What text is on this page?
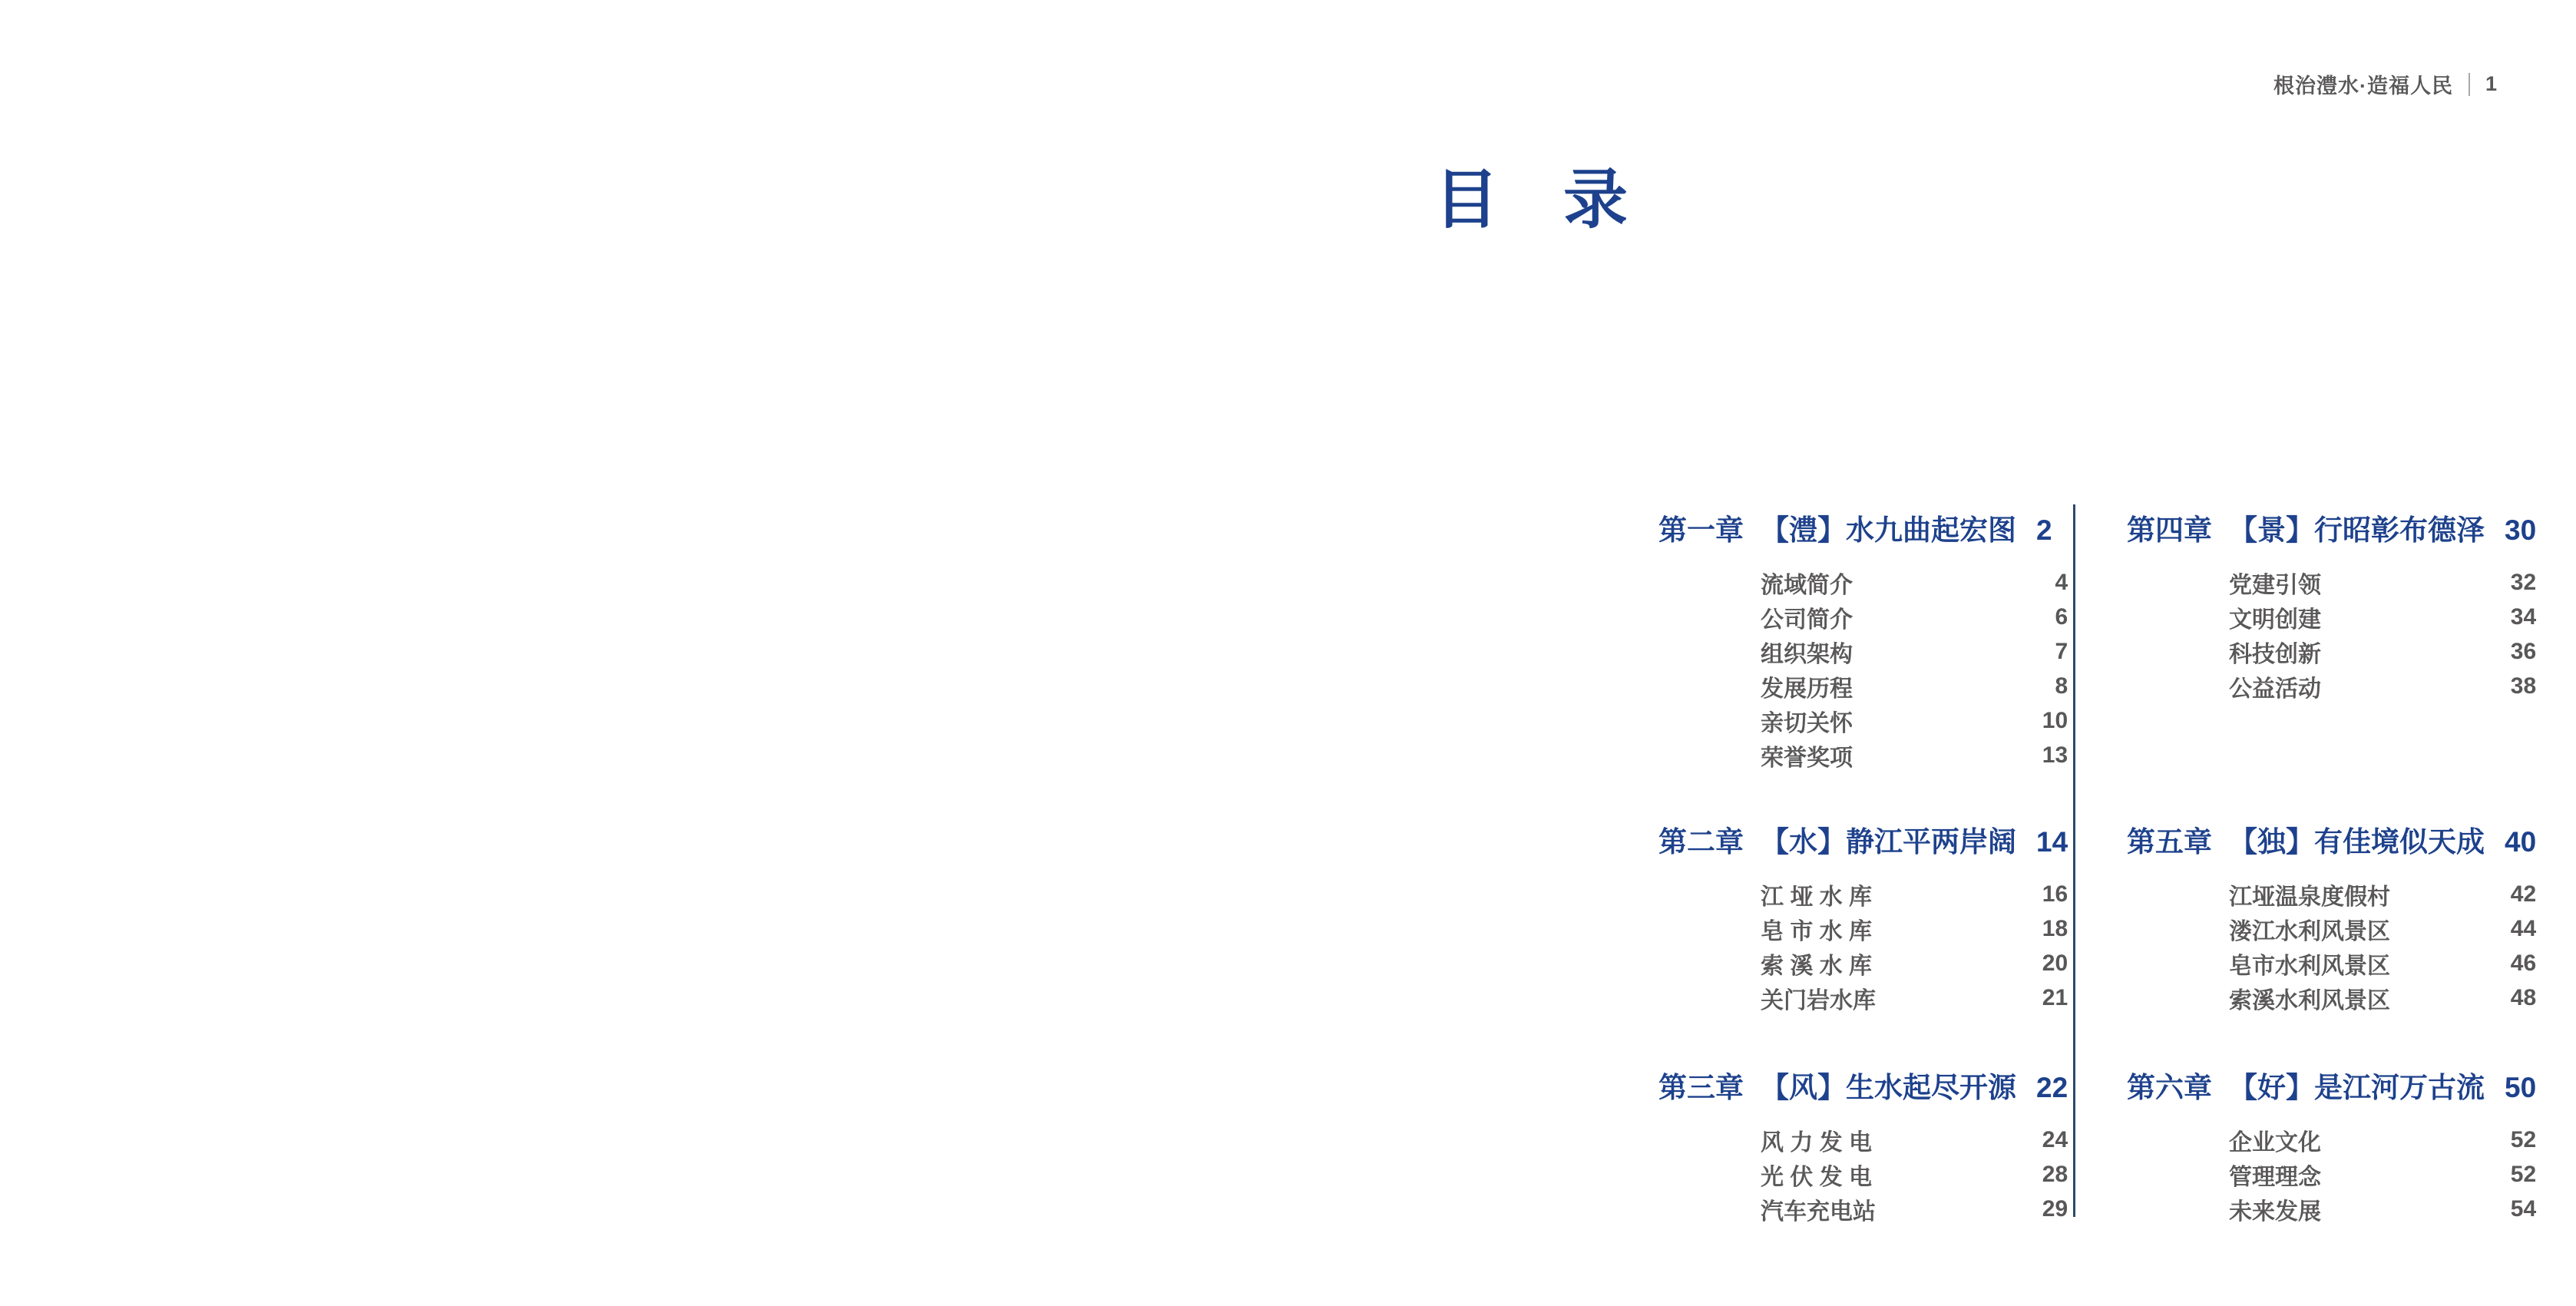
根治澧水·造福人民 1
目　录
第一章 【澧】水九曲起宏图 2
流域简介	4
公司简介	6
组织架构	7
发展历程	8
亲切关怀	10
荣誉奖项	13
第二章 【水】静江平两岸阔 14
江 垭 水 库	16
皂 市 水 库	18
索 溪 水 库	20
关门岩水库	21
第三章 【风】生水起尽开源 22
风 力 发 电	24
光 伏 发 电	28
汽车充电站	29
第四章 【景】行昭彰布德泽 30
党建引领	32
文明创建	34
科技创新	36
公益活动	38
第五章 【独】有佳境似天成 40
江垭温泉度假村	42
溇江水利风景区	44
皂市水利风景区	46
索溪水利风景区	48
第六章 【好】是江河万古流 50
企业文化	52
管理理念	52
未来发展	54
